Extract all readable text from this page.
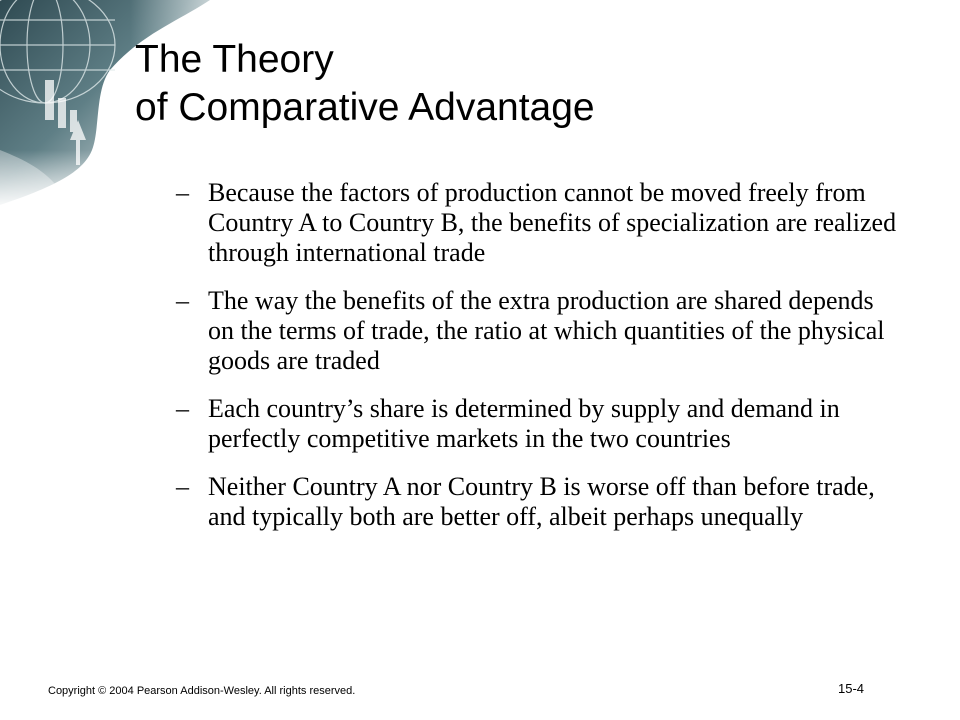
The Theory
of Comparative Advantage
– Because the factors of production cannot be moved freely from Country A to Country B, the benefits of specialization are realized through international trade
– The way the benefits of the extra production are shared depends on the terms of trade, the ratio at which quantities of the physical goods are traded
– Each country’s share is determined by supply and demand in perfectly competitive markets in the two countries
– Neither Country A nor Country B is worse off than before trade, and typically both are better off, albeit perhaps unequally
Copyright © 2004 Pearson Addison-Wesley. All rights reserved.	15-4
